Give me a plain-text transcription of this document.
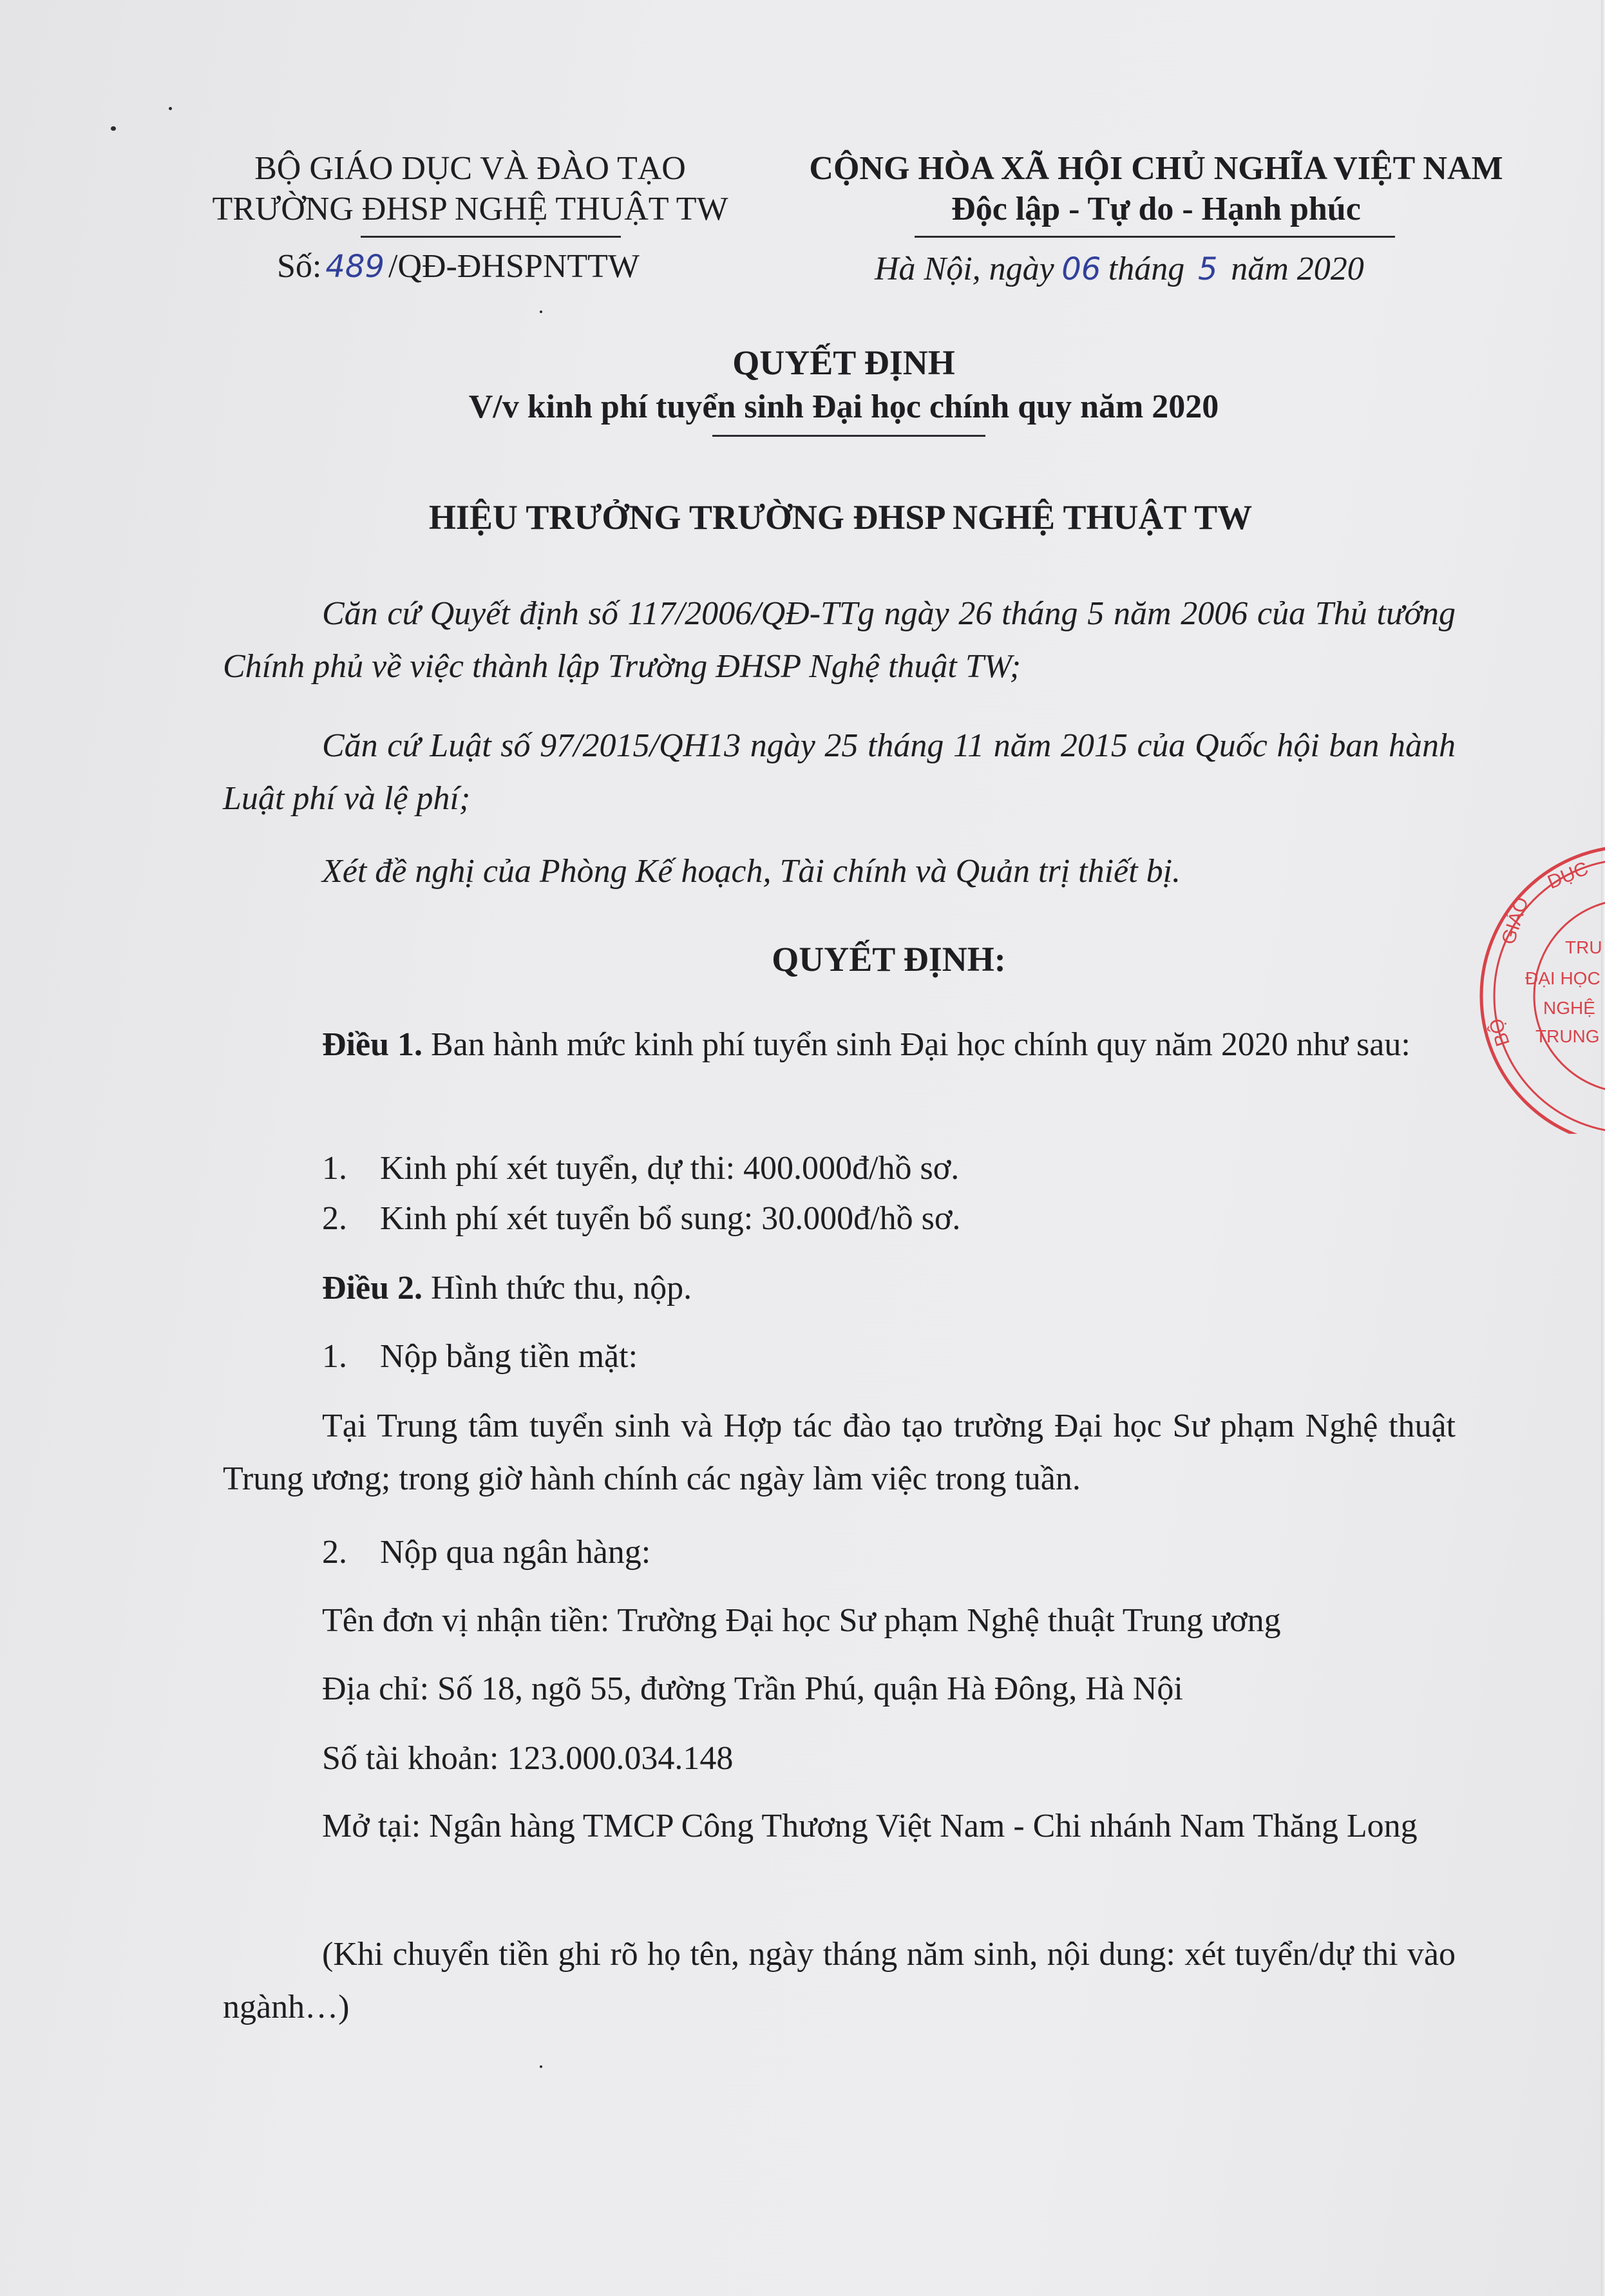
BỘ GIÁO DỤC VÀ ĐÀO TẠO
TRƯỜNG ĐHSP NGHỆ THUẬT TW
Số: 489 /QĐ-ĐHSPNTTW
CỘNG HÒA XÃ HỘI CHỦ NGHĨA VIỆT NAM
Độc lập - Tự do - Hạnh phúc
Hà Nội, ngày 06 tháng 5 năm 2020
QUYẾT ĐỊNH
V/v kinh phí tuyển sinh Đại học chính quy năm 2020
HIỆU TRƯỞNG TRƯỜNG ĐHSP NGHỆ THUẬT TW
Căn cứ Quyết định số 117/2006/QĐ-TTg ngày 26 tháng 5 năm 2006 của Thủ tướng Chính phủ về việc thành lập Trường ĐHSP Nghệ thuật TW;
Căn cứ Luật số 97/2015/QH13 ngày 25 tháng 11 năm 2015 của Quốc hội ban hành Luật phí và lệ phí;
Xét đề nghị của Phòng Kế hoạch, Tài chính và Quản trị thiết bị.
QUYẾT ĐỊNH:
Điều 1. Ban hành mức kinh phí tuyển sinh Đại học chính quy năm 2020 như sau:
1. Kinh phí xét tuyển, dự thi: 400.000đ/hồ sơ.
2. Kinh phí xét tuyển bổ sung: 30.000đ/hồ sơ.
Điều 2. Hình thức thu, nộp.
1. Nộp bằng tiền mặt:
Tại Trung tâm tuyển sinh và Hợp tác đào tạo trường Đại học Sư phạm Nghệ thuật Trung ương; trong giờ hành chính các ngày làm việc trong tuần.
2. Nộp qua ngân hàng:
Tên đơn vị nhận tiền: Trường Đại học Sư phạm Nghệ thuật Trung ương
Địa chỉ: Số 18, ngõ 55, đường Trần Phú, quận Hà Đông, Hà Nội
Số tài khoản: 123.000.034.148
Mở tại: Ngân hàng TMCP Công Thương Việt Nam - Chi nhánh Nam Thăng Long
(Khi chuyển tiền ghi rõ họ tên, ngày tháng năm sinh, nội dung: xét tuyển/dự thi vào ngành…)
DỤC
GIÁO
BỘ
TRU
ĐẠI HỌC
NGHỆ
TRUNG
